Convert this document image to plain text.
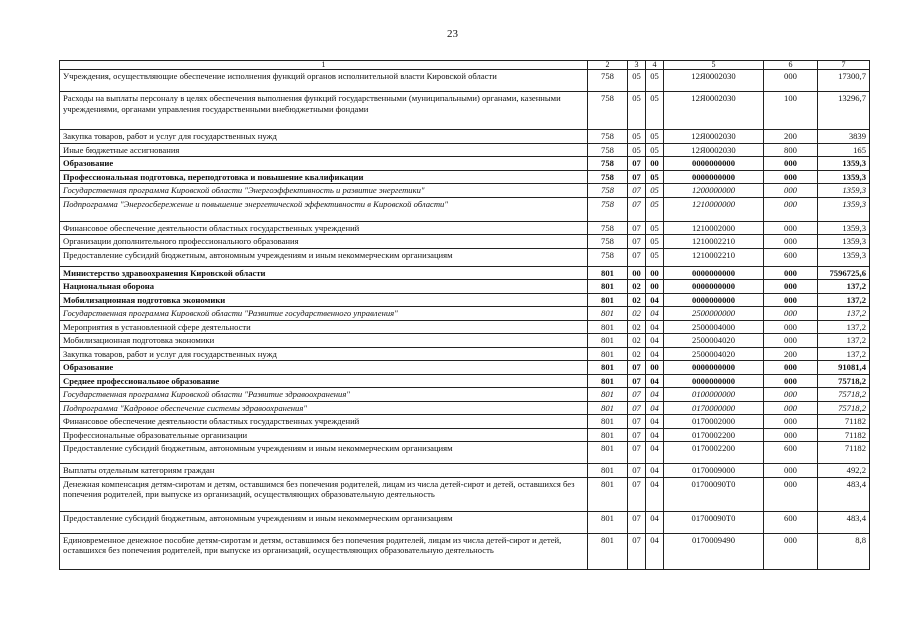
23
1	2	3	4	5	6	7
Учреждения, осуществляющие обеспечение исполнения функций органов исполнительной власти Кировской области	758	05	05	12Я0002030	000	17300,7
Расходы на выплаты персоналу в целях обеспечения выполнения функций государственными (муниципальными) органами, казенными учреждениями, органами управления государственными внебюджетными фондами	758	05	05	12Я0002030	100	13296,7
Закупка товаров, работ и услуг для государственных нужд	758	05	05	12Я0002030	200	3839
Иные бюджетные ассигнования	758	05	05	12Я0002030	800	165
Образование	758	07	00	0000000000	000	1359,3
Профессиональная подготовка, переподготовка и повышение квалификации	758	07	05	0000000000	000	1359,3
Государственная программа Кировской области "Энергоэффективность и развитие энергетики"	758	07	05	1200000000	000	1359,3
Подпрограмма "Энергосбережение и повышение энергетической эффективности в Кировской области"	758	07	05	1210000000	000	1359,3
Финансовое обеспечение деятельности областных государственных учреждений	758	07	05	1210002000	000	1359,3
Организации дополнительного профессионального образования	758	07	05	1210002210	000	1359,3
Предоставление субсидий бюджетным, автономным учреждениям и иным некоммерческим организациям	758	07	05	1210002210	600	1359,3
Министерство здравоохранения Кировской области	801	00	00	0000000000	000	7596725,6
Национальная оборона	801	02	00	0000000000	000	137,2
Мобилизационная подготовка экономики	801	02	04	0000000000	000	137,2
Государственная программа Кировской области "Развитие государственного управления"	801	02	04	2500000000	000	137,2
Мероприятия в установленной сфере деятельности	801	02	04	2500004000	000	137,2
Мобилизационная подготовка экономики	801	02	04	2500004020	000	137,2
Закупка товаров, работ и услуг для государственных нужд	801	02	04	2500004020	200	137,2
Образование	801	07	00	0000000000	000	91081,4
Среднее профессиональное образование	801	07	04	0000000000	000	75718,2
Государственная программа Кировской области "Развитие здравоохранения"	801	07	04	0100000000	000	75718,2
Подпрограмма "Кадровое обеспечение системы здравоохранения"	801	07	04	0170000000	000	75718,2
Финансовое обеспечение деятельности областных государственных учреждений	801	07	04	0170002000	000	71182
Профессиональные образовательные организации	801	07	04	0170002200	000	71182
Предоставление субсидий бюджетным, автономным учреждениям и иным некоммерческим организациям	801	07	04	0170002200	600	71182
Выплаты отдельным категориям граждан	801	07	04	0170009000	000	492,2
Денежная компенсация детям-сиротам и детям, оставшимся без попечения родителей, лицам из числа детей-сирот и детей, оставшихся без попечения родителей, при выпуске из организаций, осуществляющих образовательную деятельность	801	07	04	01700090Т0	000	483,4
Предоставление субсидий бюджетным, автономным учреждениям и иным некоммерческим организациям	801	07	04	01700090Т0	600	483,4
Единовременное денежное пособие детям-сиротам и детям, оставшимся без попечения родителей, лицам из числа детей-сирот и детей, оставшихся без попечения родителей, при выпуске из организаций, осуществляющих образовательную деятельность	801	07	04	0170009490	000	8,8
